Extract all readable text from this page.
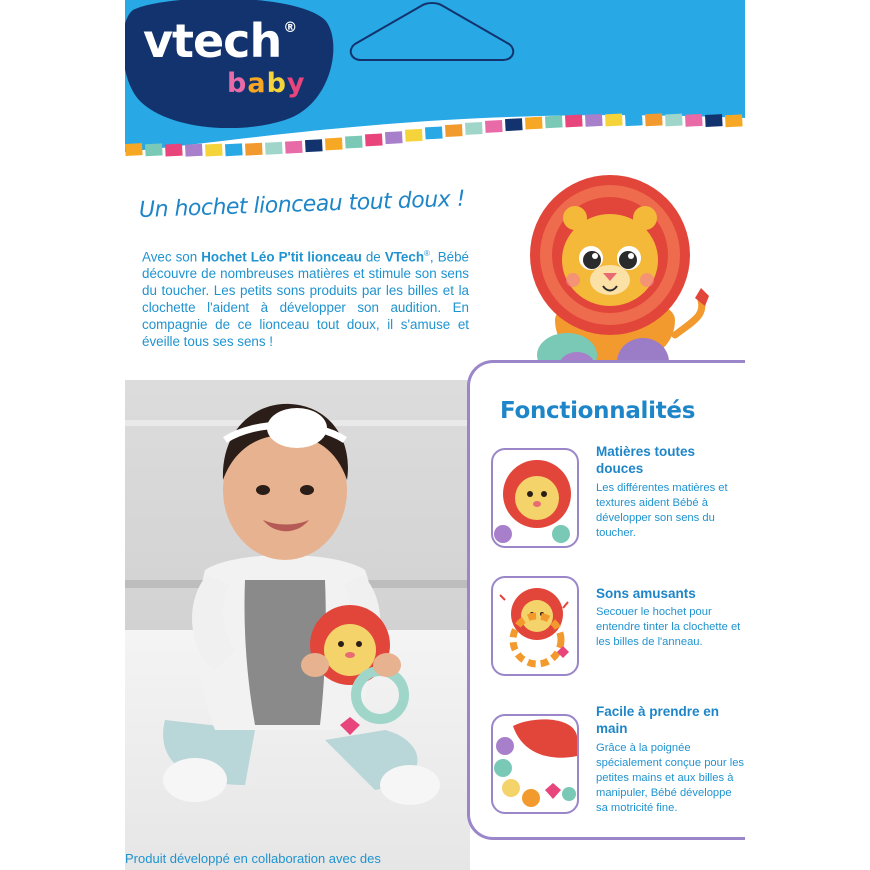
vtech ®
baby
Un hochet lionceau tout doux !
Avec son Hochet Léo P'tit lionceau de VTech®, Bébé découvre de nombreuses matières et stimule son sens du toucher. Les petits sons produits par les billes et la clochette l'aident à développer son audition. En compagnie de ce lionceau tout doux, il s'amuse et éveille tous ses sens !
Fonctionnalités
Matières toutes douces
Les différentes matières et textures aident Bébé à développer son sens du toucher.
Sons amusants
Secouer le hochet pour entendre tinter la clochette et les billes de l'anneau.
Facile à prendre en main
Grâce à la poignée spécialement conçue pour les petites mains et aux billes à manipuler, Bébé développe sa motricité fine.
Produit développé en collaboration avec des
